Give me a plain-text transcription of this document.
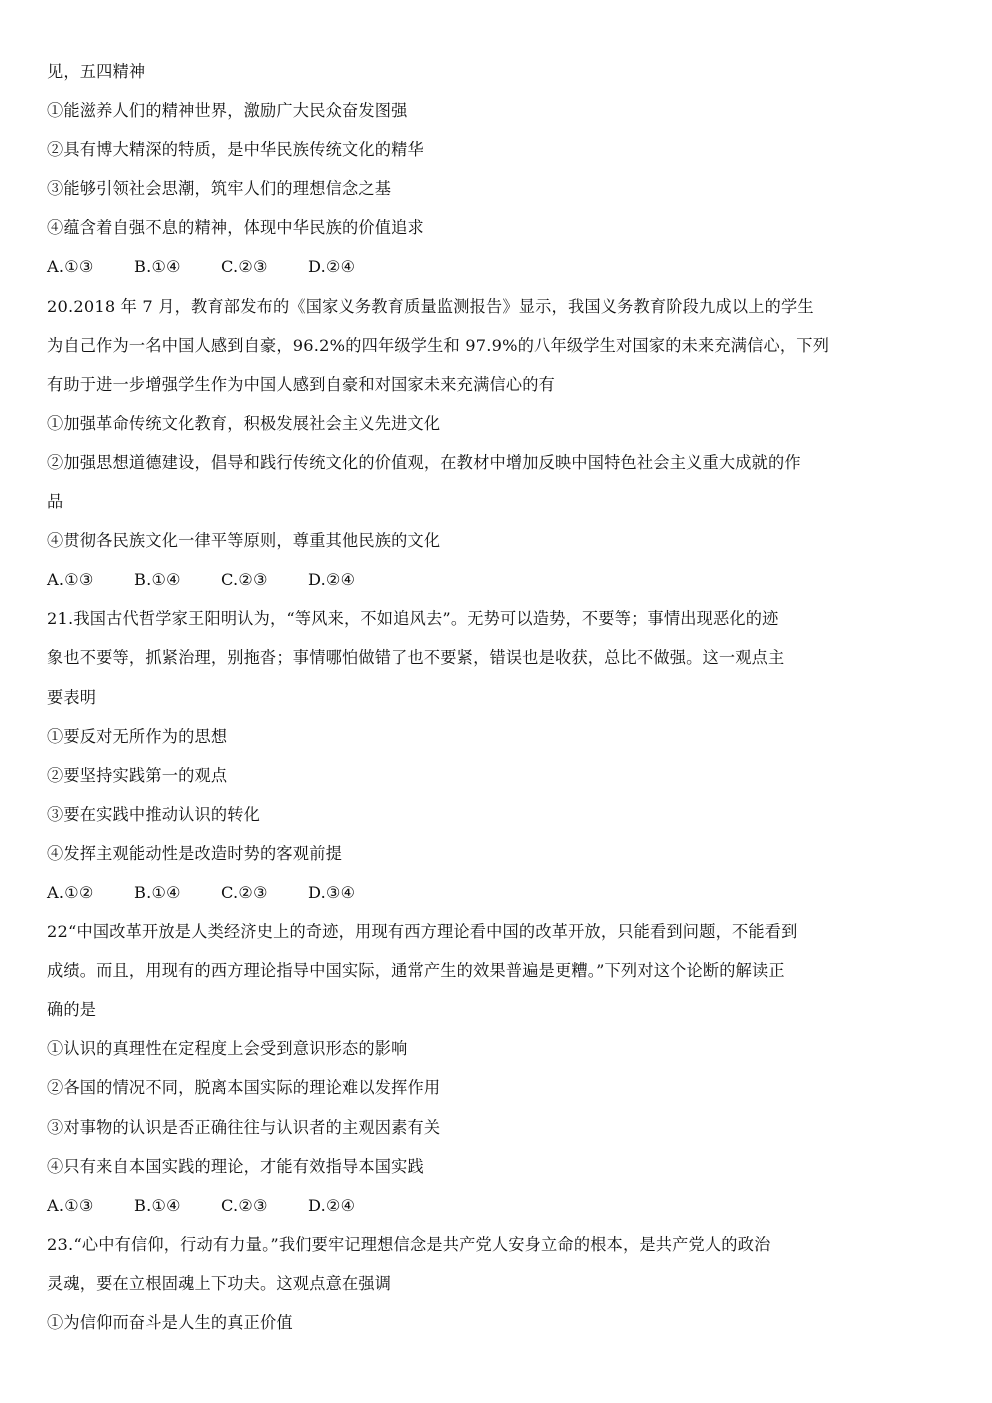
见，五四精神
①能滋养人们的精神世界，激励广大民众奋发图强
②具有博大精深的特质，是中华民族传统文化的精华
③能够引领社会思潮，筑牢人们的理想信念之基
④蕴含着自强不息的精神，体现中华民族的价值追求
A.①③	B.①④	C.②③	D.②④
20.2018 年 7 月，教育部发布的《国家义务教育质量监测报告》显示，我国义务教育阶段九成以上的学生
为自己作为一名中国人感到自豪，96.2%的四年级学生和 97.9%的八年级学生对国家的未来充满信心，下列
有助于进一步增强学生作为中国人感到自豪和对国家未来充满信心的有
①加强革命传统文化教育，积极发展社会主义先进文化
②加强思想道德建设，倡导和践行传统文化的价值观，在教材中增加反映中国特色社会主义重大成就的作
品
④贯彻各民族文化一律平等原则，尊重其他民族的文化
A.①③	B.①④	C.②③	D.②④
21.我国古代哲学家王阳明认为，“等风来，不如追风去”。无势可以造势，不要等；事情出现恶化的迹
象也不要等，抓紧治理，别拖沓；事情哪怕做错了也不要紧，错误也是收获，总比不做强。这一观点主
要表明
①要反对无所作为的思想
②要坚持实践第一的观点
③要在实践中推动认识的转化
④发挥主观能动性是改造时势的客观前提
A.①②	B.①④	C.②③	D.③④
22“中国改革开放是人类经济史上的奇迹，用现有西方理论看中国的改革开放，只能看到问题，不能看到
成绩。而且，用现有的西方理论指导中国实际，通常产生的效果普遍是更糟。”下列对这个论断的解读正
确的是
①认识的真理性在定程度上会受到意识形态的影响
②各国的情况不同，脱离本国实际的理论难以发挥作用
③对事物的认识是否正确往往与认识者的主观因素有关
④只有来自本国实践的理论，才能有效指导本国实践
A.①③	B.①④	C.②③	D.②④
23.“心中有信仰，行动有力量。”我们要牢记理想信念是共产党人安身立命的根本，是共产党人的政治
灵魂，要在立根固魂上下功夫。这观点意在强调
①为信仰而奋斗是人生的真正价值
